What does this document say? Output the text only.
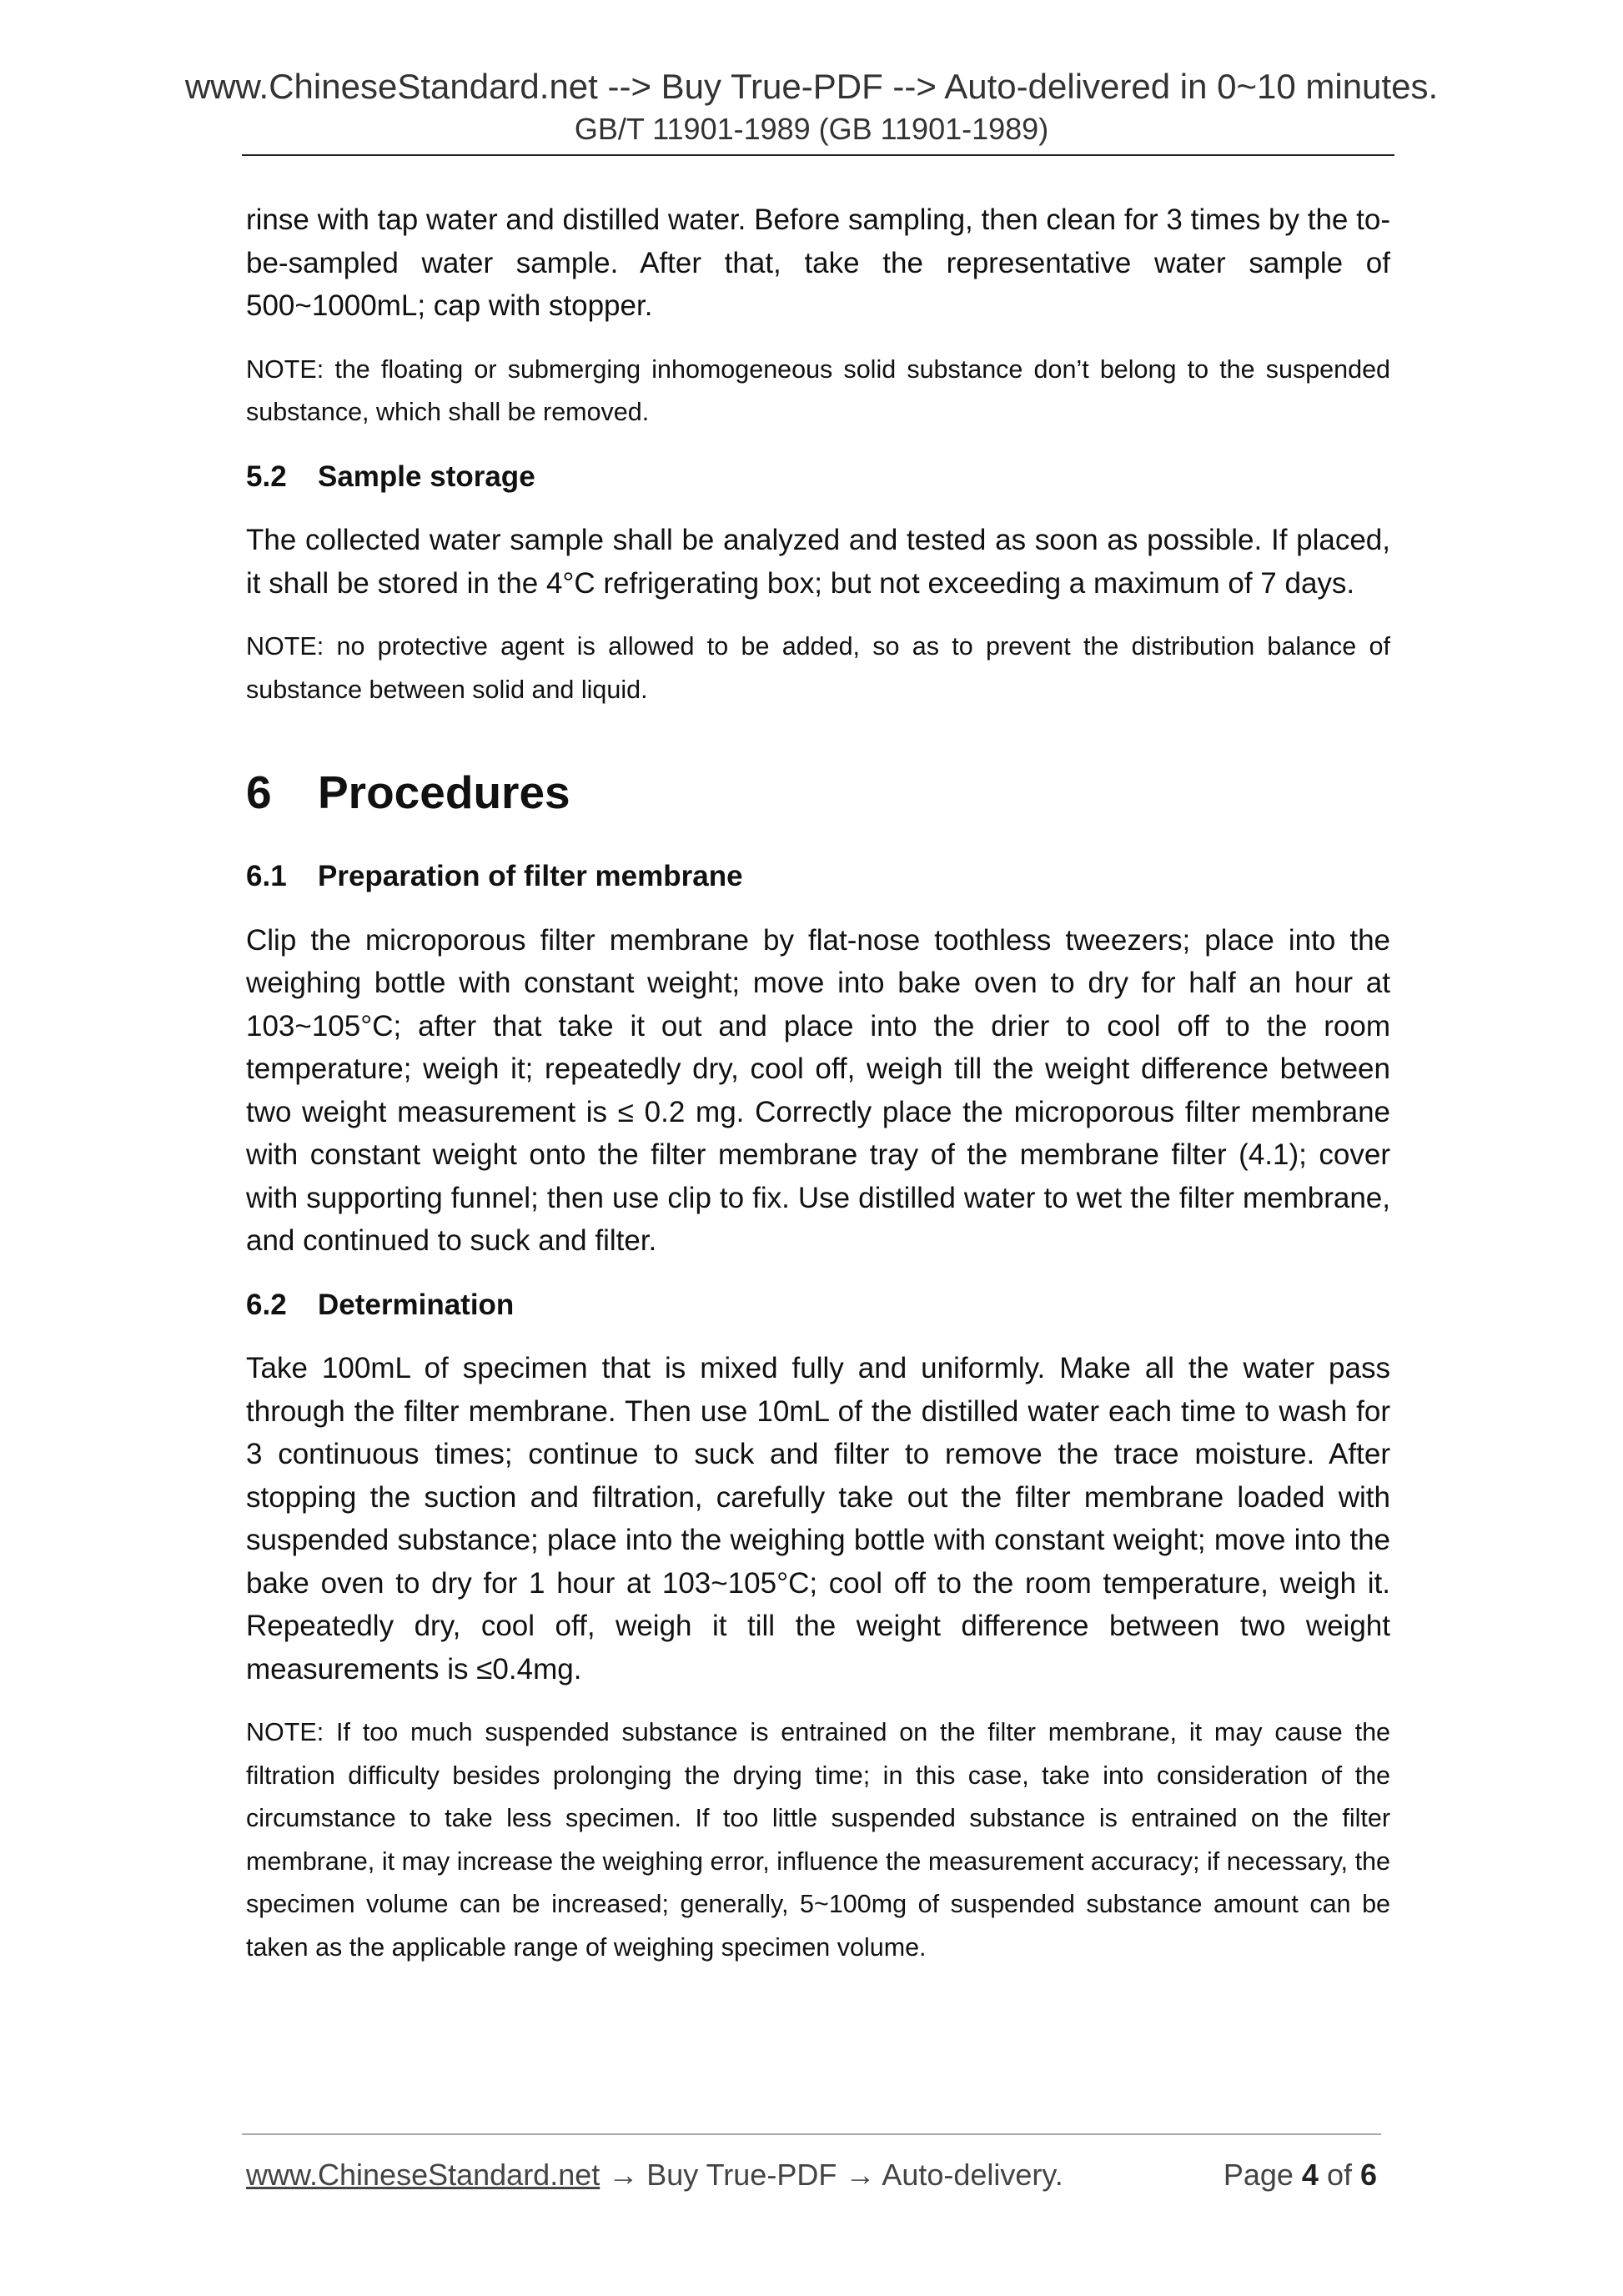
www.ChineseStandard.net --> Buy True-PDF --> Auto-delivered in 0~10 minutes.
GB/T 11901-1989 (GB 11901-1989)

rinse with tap water and distilled water. Before sampling, then clean for 3 times by the to-be-sampled water sample. After that, take the representative water sample of 500~1000mL; cap with stopper.

NOTE: the floating or submerging inhomogeneous solid substance don’t belong to the suspended substance, which shall be removed.

5.2	Sample storage

The collected water sample shall be analyzed and tested as soon as possible. If placed, it shall be stored in the 4°C refrigerating box; but not exceeding a maximum of 7 days.

NOTE: no protective agent is allowed to be added, so as to prevent the distribution balance of substance between solid and liquid.

6	Procedures
6.1	Preparation of filter membrane

Clip the microporous filter membrane by flat-nose toothless tweezers; place into the weighing bottle with constant weight; move into bake oven to dry for half an hour at 103~105°C; after that take it out and place into the drier to cool off to the room temperature; weigh it; repeatedly dry, cool off, weigh till the weight difference between two weight measurement is ≤ 0.2 mg. Correctly place the microporous filter membrane with constant weight onto the filter membrane tray of the membrane filter (4.1); cover with supporting funnel; then use clip to fix. Use distilled water to wet the filter membrane, and continued to suck and filter.

6.2	Determination

Take 100mL of specimen that is mixed fully and uniformly. Make all the water pass through the filter membrane. Then use 10mL of the distilled water each time to wash for 3 continuous times; continue to suck and filter to remove the trace moisture. After stopping the suction and filtration, carefully take out the filter membrane loaded with suspended substance; place into the weighing bottle with constant weight; move into the bake oven to dry for 1 hour at 103~105°C; cool off to the room temperature, weigh it. Repeatedly dry, cool off, weigh it till the weight difference between two weight measurements is ≤0.4mg.

NOTE: If too much suspended substance is entrained on the filter membrane, it may cause the filtration difficulty besides prolonging the drying time; in this case, take into consideration of the circumstance to take less specimen. If too little suspended substance is entrained on the filter membrane, it may increase the weighing error, influence the measurement accuracy; if necessary, the specimen volume can be increased; generally, 5~100mg of suspended substance amount can be taken as the applicable range of weighing specimen volume.

www.ChineseStandard.net → Buy True-PDF → Auto-delivery.	Page 4 of 6
